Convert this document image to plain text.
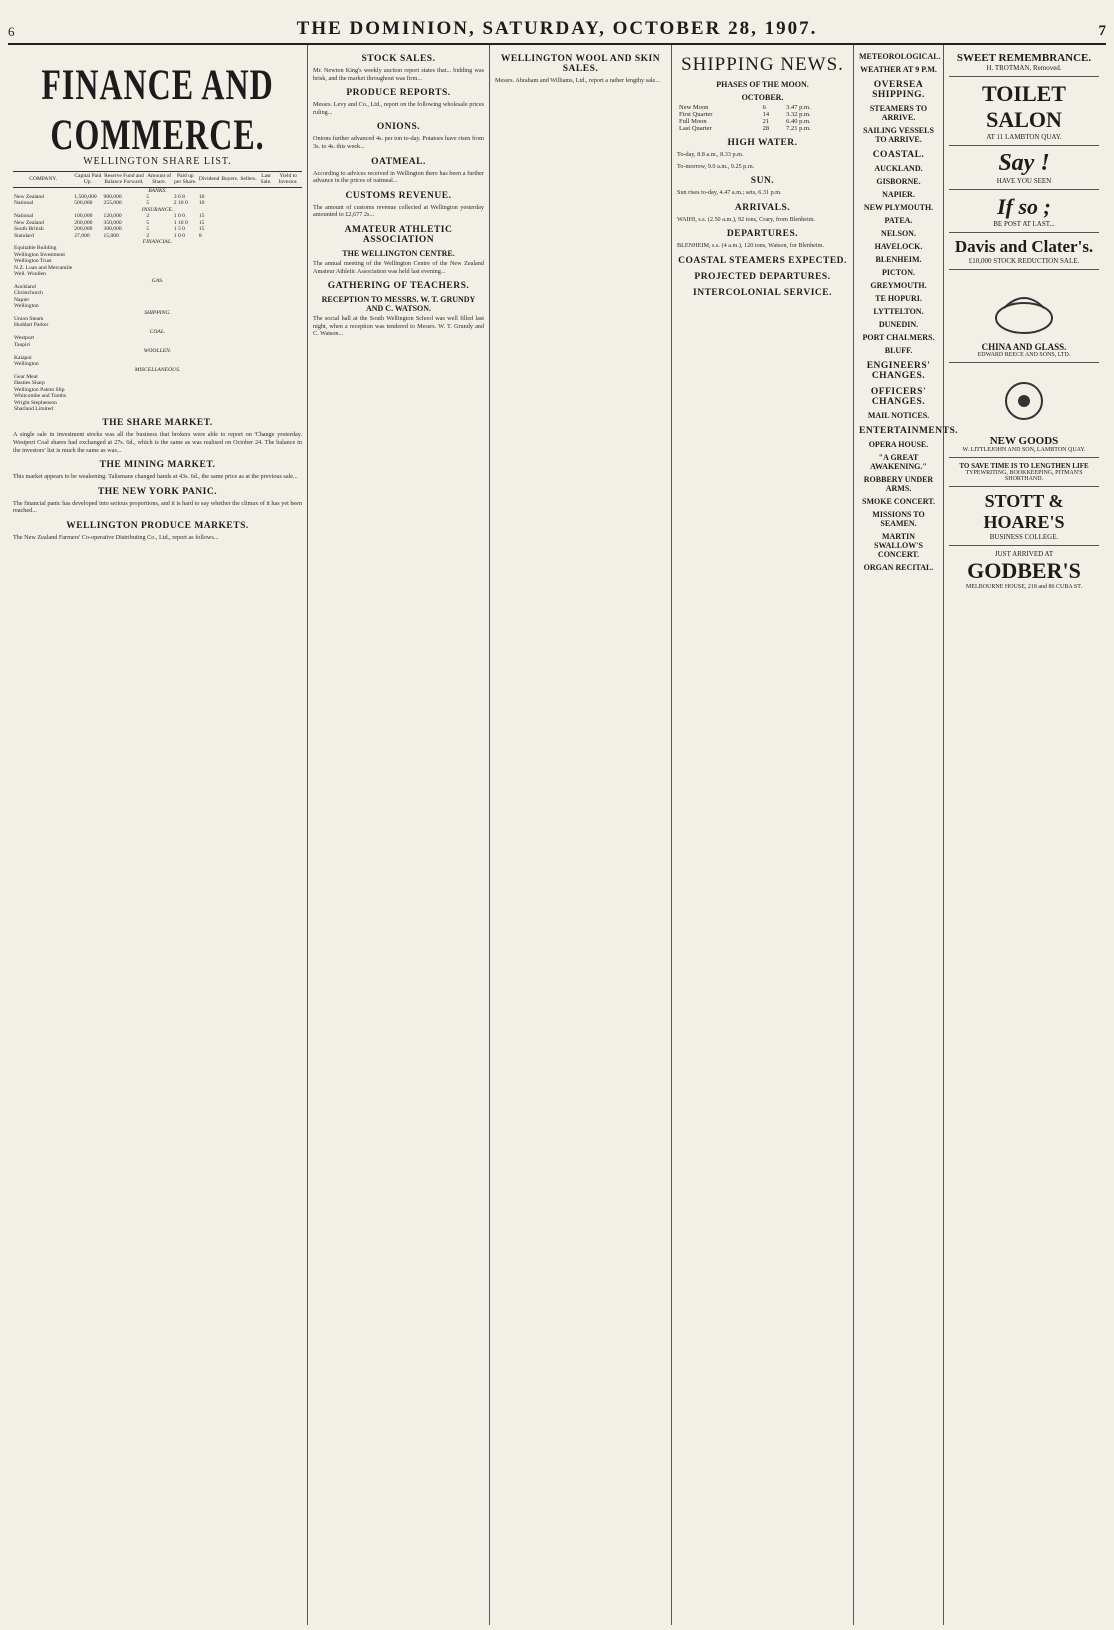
6	THE DOMINION, SATURDAY, OCTOBER 28, 1907.	7
FINANCE AND COMMERCE.
WELLINGTON SHARE LIST.
COMPANY.	Capital Paid Up.	Reserve Fund and Balance Forward.	Amount of Share.	Paid up per Share.	Dividend	Buyers.	Sellers.	Last Sale.	Yield to Investor.
BANKS.									
New Zealand	1,500,000	900,000	5	3 6 8	10				
National	500,000	255,000	5	2 10 0	10				
INSURANCE.									
National	100,000	120,000	2	1 0 0	15				
New Zealand	200,000	350,000	5	1 10 0	15				
South British	200,000	300,000	5	1 5 0	15				
Standard	27,000	15,000	2	1 0 0	8				
FINANCIAL.									
Equitable Building									
Wellington Investment									
Wellington Trust									
N.Z. Loan and Mercantile									
Well. Woollen									
GAS.									
Auckland									
Christchurch									
Napier									
Wellington									
SHIPPING.									
Union Steam									
Huddart Parker									
COAL.									
Westport									
Taupiri									
WOOLLEN.									
Kaiapoi									
Wellington									
MISCELLANEOUS.									
Gear Meat									
Hasties Sharp									
Wellington Patent Slip									
Whitcombe and Tombs									
Wright Stephenson									
Sharland Limited									
THE SHARE MARKET.

A single sale in investment stocks was all the business that brokers were able to report on 'Change yesterday. Westport Coal shares had exchanged at 27s. 6d., which is the same as was realised on October 24. The balance in the investors' list is much the same as was...

THE MINING MARKET.

This market appears to be weakening. Talismans changed hands at 43s. 6d., the same price as at the previous sale...

THE NEW YORK PANIC.

The financial panic has developed into serious proportions, and it is hard to say whether the climax of it has yet been reached...

WELLINGTON PRODUCE MARKETS.

The New Zealand Farmers' Co-operative Distributing Co., Ltd., report as follows...

STOCK SALES.

Mr. Newton King's weekly auction report states that... bidding was brisk, and the market throughout was firm...

PRODUCE REPORTS.

Messrs. Levy and Co., Ltd., report on the following wholesale prices ruling...

ONIONS.

Onions further advanced 4s. per ton to-day. Potatoes have risen from 3s. to 4s. this week...

OATMEAL.

According to advices received in Wellington there has been a further advance in the prices of oatmeal...

CUSTOMS REVENUE.

The amount of customs revenue collected at Wellington yesterday amounted to £2,677 2s...

AMATEUR ATHLETIC ASSOCIATION
THE WELLINGTON CENTRE.

The annual meeting of the Wellington Centre of the New Zealand Amateur Athletic Association was held last evening...

GATHERING OF TEACHERS.
RECEPTION TO MESSRS. W. T. GRUNDY AND C. WATSON.

The social hall at the South Wellington School was well filled last night, when a reception was tendered to Messrs. W. T. Grundy and C. Watson...

WELLINGTON WOOL AND SKIN SALES.

Messrs. Abraham and Williams, Ltd., report a rather lengthy sale...

SHIPPING NEWS.
PHASES OF THE MOON.
OCTOBER.
New Moon	6	3.47 p.m.
First Quarter	14	3.32 p.m.
Full Moon	21	6.40 p.m.
Last Quarter	28	7.21 p.m.
HIGH WATER.

To-day, 8.8 a.m., 8.33 p.m.

To-morrow, 9.0 a.m., 9.25 p.m.

SUN.

Sun rises to-day, 4.47 a.m.; sets, 6.31 p.m.

ARRIVALS.

WAIHI, s.s. (2.50 a.m.), 92 tons, Crary, from Blenheim.

DEPARTURES.

BLENHEIM, s.s. (4 a.m.), 120 tons, Watson, for Blenheim.

COASTAL STEAMERS EXPECTED.
PROJECTED DEPARTURES.
INTERCOLONIAL SERVICE.
METEOROLOGICAL.
WEATHER AT 9 P.M.
OVERSEA SHIPPING.
STEAMERS TO ARRIVE.
SAILING VESSELS TO ARRIVE.
COASTAL.
AUCKLAND.
GISBORNE.
NAPIER.
NEW PLYMOUTH.
PATEA.
NELSON.
HAVELOCK.
BLENHEIM.
PICTON.
GREYMOUTH.
TE HOPURI.
LYTTELTON.
DUNEDIN.
PORT CHALMERS.
BLUFF.
ENGINEERS' CHANGES.
OFFICERS' CHANGES.
MAIL NOTICES.
ENTERTAINMENTS.
OPERA HOUSE.
"A GREAT AWAKENING."
ROBBERY UNDER ARMS.
SMOKE CONCERT.
MISSIONS TO SEAMEN.
MARTIN SWALLOW'S CONCERT.
ORGAN RECITAL.
SWEET REMEMBRANCE.
H. TROTMAN, Removed.
TOILET SALON
AT 11 LAMBTON QUAY.
Say !
HAVE YOU SEEN
If so ;
BE POST AT LAST...
Davis and Clater's.
£10,000 STOCK REDUCTION SALE.
CHINA AND GLASS.
EDWARD REECE AND SONS, LTD.
NEW GOODS
W. LITTLEJOHN AND SON, LAMBTON QUAY.
TO SAVE TIME IS TO LENGTHEN LIFE
TYPEWRITING, BOOKKEEPING, PITMAN'S SHORTHAND.
STOTT & HOARE'S
BUSINESS COLLEGE.
JUST ARRIVED AT
GODBER'S
MELBOURNE HOUSE, 218 and 86 CUBA ST.
